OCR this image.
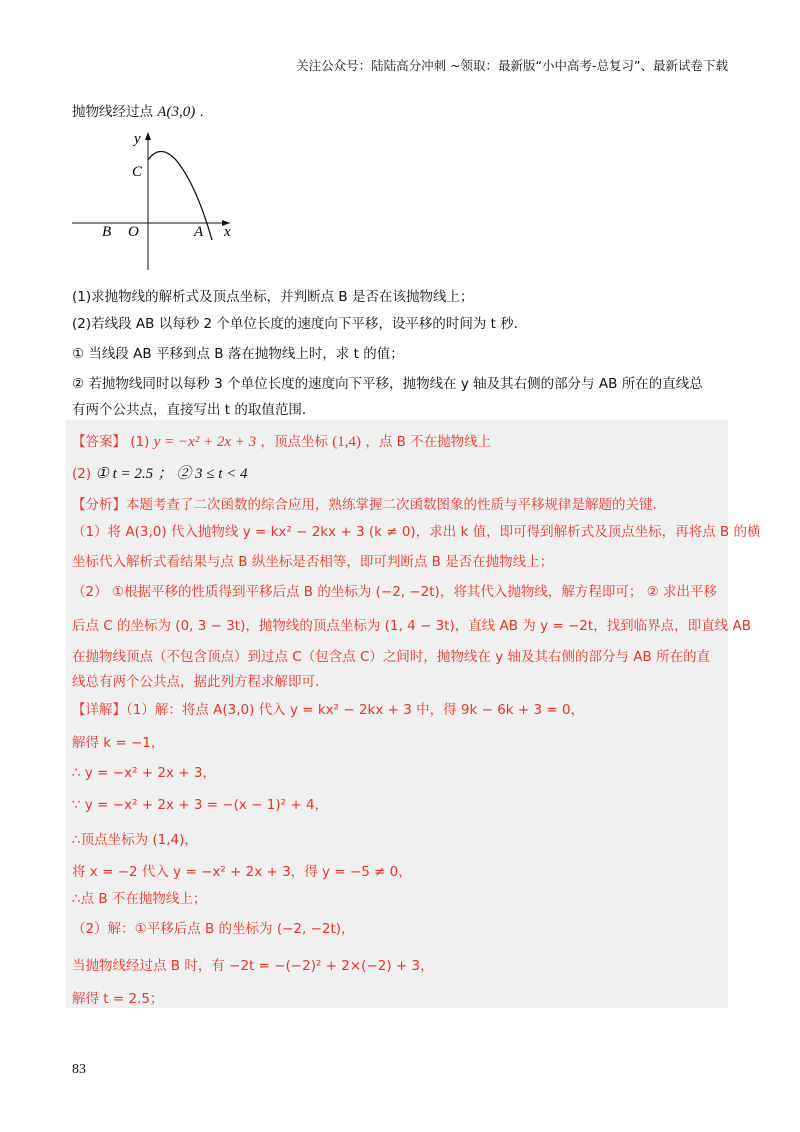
关注公众号：陆陆高分冲刺 ~领取：最新版“小中高考-总复习”、最新试卷下载
抛物线经过点 A(3,0) .
y
x
C
B O	A
(1)求抛物线的解析式及顶点坐标，并判断点 B 是否在该抛物线上；
(2)若线段 AB 以每秒 2 个单位长度的速度向下平移，设平移的时间为 t 秒．
① 当线段 AB 平移到点 B 落在抛物线上时，求 t 的值；
② 若抛物线同时以每秒 3 个单位长度的速度向下平移，抛物线在 y 轴及其右侧的部分与 AB 所在的直线总
有两个公共点，直接写出 t 的取值范围．
【答案】 (1) y = −x² + 2x + 3 ，顶点坐标 (1,4) ，点 B 不在抛物线上
(2) ① t = 2.5 ； ② 3 ≤ t < 4
【分析】本题考查了二次函数的综合应用，熟练掌握二次函数图象的性质与平移规律是解题的关键．
（1）将 A(3,0) 代入抛物线 y = kx² − 2kx + 3 (k ≠ 0)，求出 k 值，即可得到解析式及顶点坐标，再将点 B 的横
坐标代入解析式看结果与点 B 纵坐标是否相等，即可判断点 B 是否在抛物线上；
（2） ①根据平移的性质得到平移后点 B 的坐标为 (−2, −2t)，将其代入抛物线，解方程即可； ② 求出平移
后点 C 的坐标为 (0, 3 − 3t)，抛物线的顶点坐标为 (1, 4 − 3t)，直线 AB 为 y = −2t，找到临界点，即直线 AB
在抛物线顶点（不包含顶点）到过点 C（包含点 C）之间时，抛物线在 y 轴及其右侧的部分与 AB 所在的直
线总有两个公共点，据此列方程求解即可．
【详解】（1）解：将点 A(3,0) 代入 y = kx² − 2kx + 3 中，得 9k − 6k + 3 = 0，
解得 k = −1，
∴ y = −x² + 2x + 3，
∵ y = −x² + 2x + 3 = −(x − 1)² + 4，
∴顶点坐标为 (1,4)，
将 x = −2 代入 y = −x² + 2x + 3，得 y = −5 ≠ 0，
∴点 B 不在抛物线上；
（2）解：①平移后点 B 的坐标为 (−2, −2t)，
当抛物线经过点 B 时，有 −2t = −(−2)² + 2×(−2) + 3，
解得 t = 2.5；
83
